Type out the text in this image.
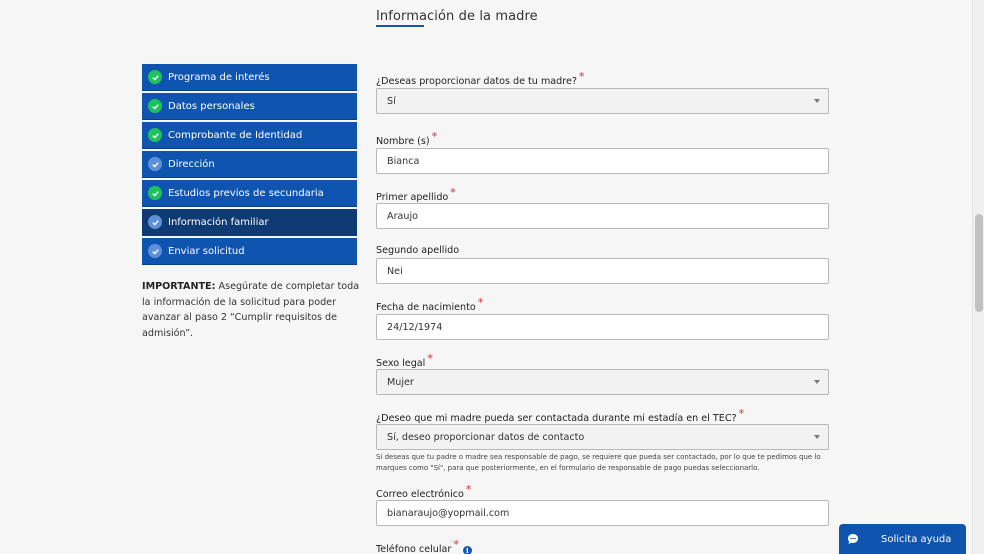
Información de la madre
Programa de interés
Datos personales
Comprobante de Identidad
Dirección
Estudios previos de secundaria
Información familiar
Enviar solicitud
IMPORTANTE: Asegúrate de completar toda la información de la solicitud para poder avanzar al paso 2 “Cumplir requisitos de admisión”.
¿Deseas proporcionar datos de tu madre? *
Sí
Nombre (s) *
Bianca
Primer apellido *
Araujo
Segundo apellido
Nei
Fecha de nacimiento *
24/12/1974
Sexo legal *
Mujer
¿Deseo que mi madre pueda ser contactada durante mi estadía en el TEC? *
Sí, deseo proporcionar datos de contacto
Si deseas que tu padre o madre sea responsable de pago, se requiere que pueda ser contactado, por lo que te pedimos que lo marques como "Sí", para que posteriormente, en el formulario de responsable de pago puedas seleccionarlo.
Correo electrónico *
bianaraujo@yopmail.com
Teléfono celular * i
Solicita ayuda
